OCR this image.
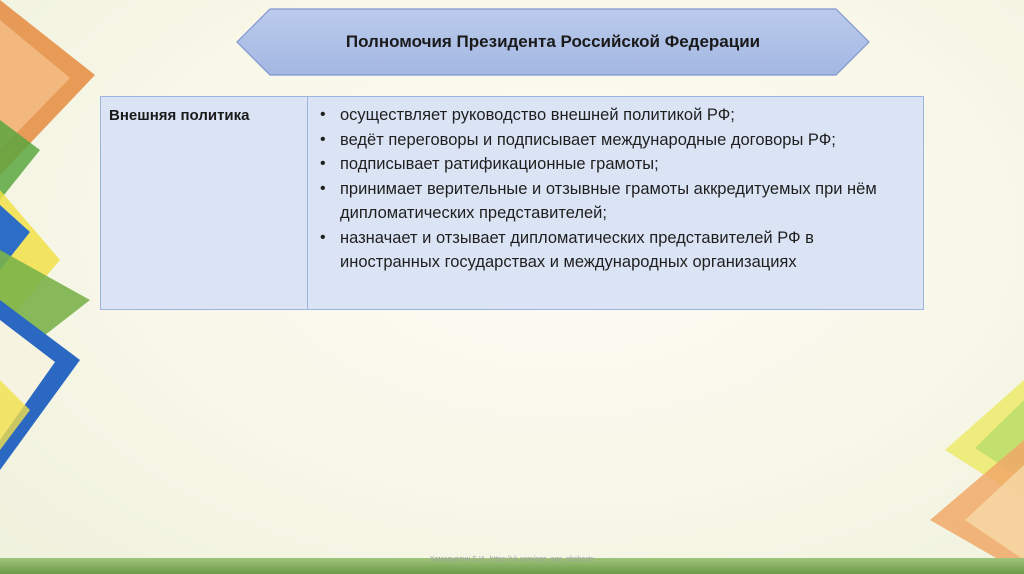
Полномочия Президента Российской Федерации
Внешняя политика	• осуществляет руководство внешней политикой РФ;
• ведёт переговоры и подписывает международные договоры РФ;
• подписывает ратификационные грамоты;
• принимает верительные и отзывные грамоты аккредитуемых при нём дипломатических представителей;
• назначает и отзывает дипломатических представителей РФ в иностранных государствах и международных организациях
Хамидуллин Б.И._https://vk.com/ege_oge_obshestv
